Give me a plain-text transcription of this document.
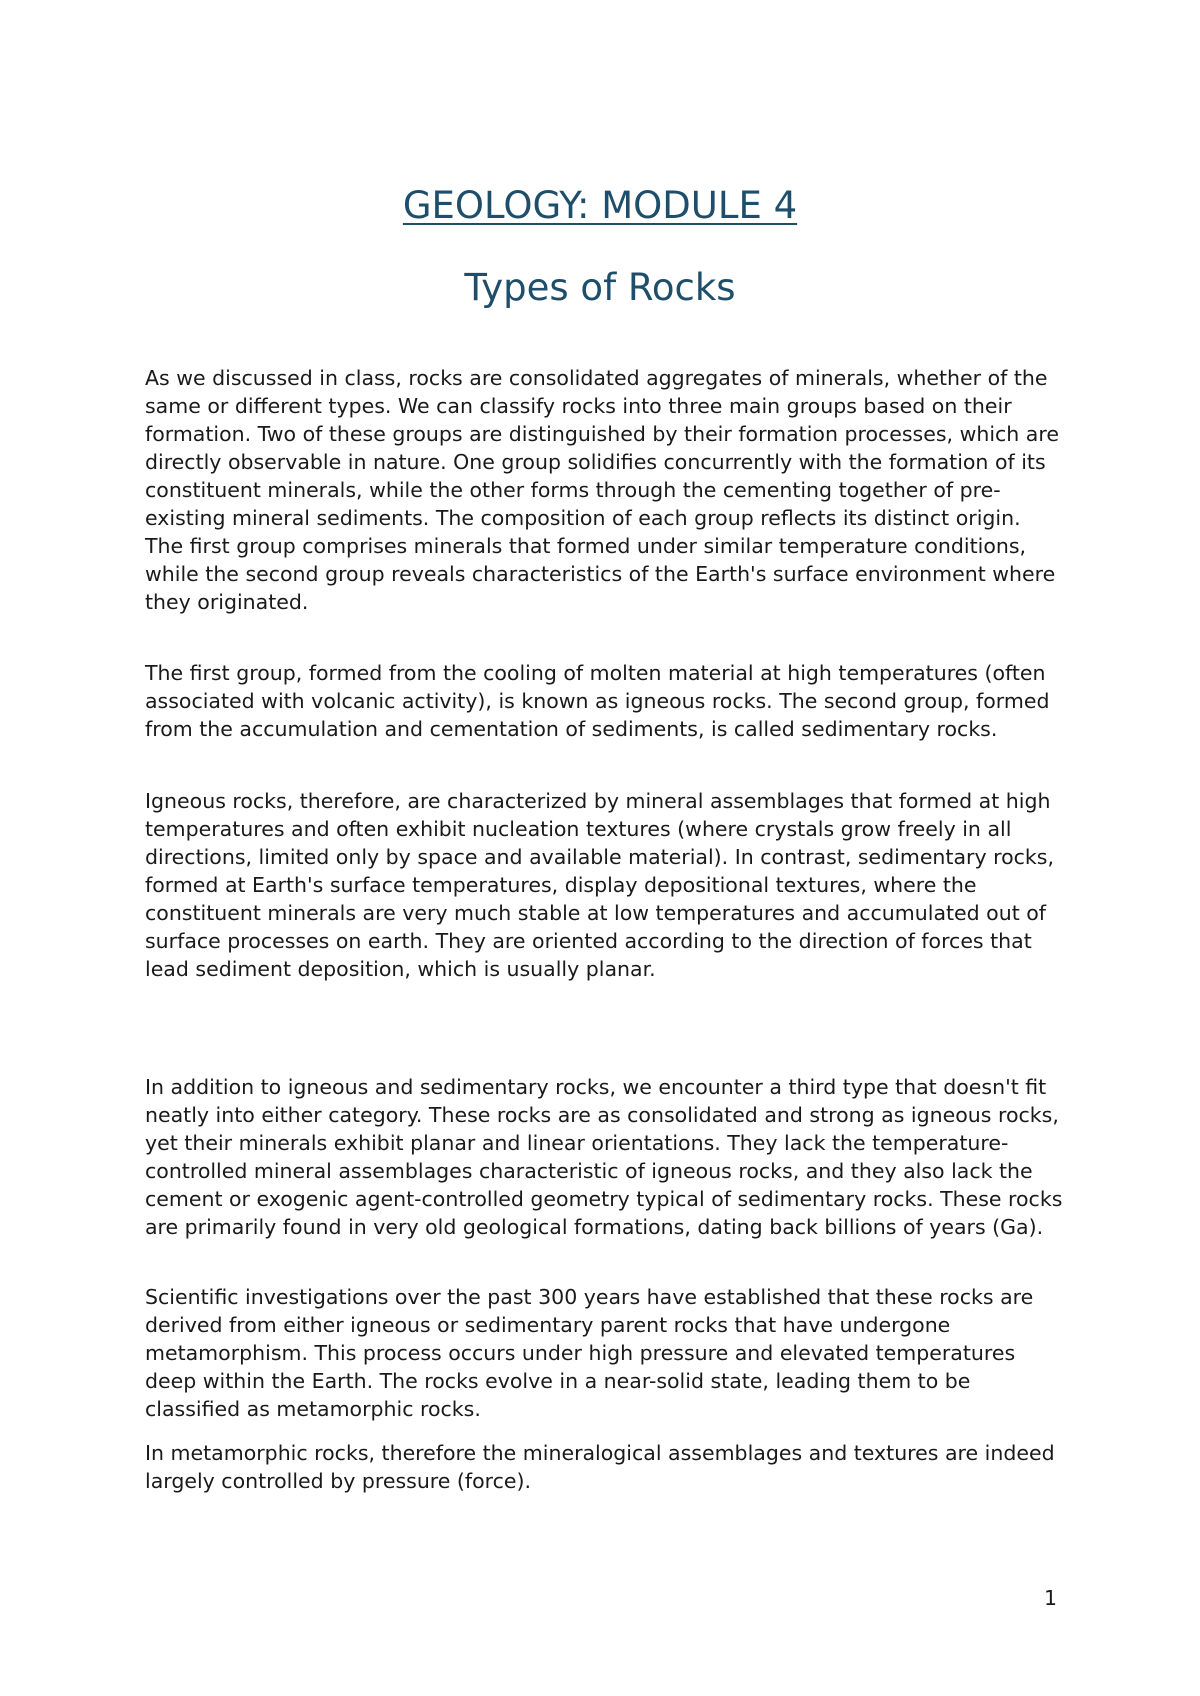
GEOLOGY: MODULE 4
Types of Rocks

As we discussed in class, rocks are consolidated aggregates of minerals, whether of the same or different types. We can classify rocks into three main groups based on their formation. Two of these groups are distinguished by their formation processes, which are directly observable in nature. One group solidifies concurrently with the formation of its constituent minerals, while the other forms through the cementing together of pre-existing mineral sediments. The composition of each group reflects its distinct origin. The first group comprises minerals that formed under similar temperature conditions, while the second group reveals characteristics of the Earth's surface environment where they originated.

The first group, formed from the cooling of molten material at high temperatures (often associated with volcanic activity), is known as igneous rocks. The second group, formed from the accumulation and cementation of sediments, is called sedimentary rocks.

Igneous rocks, therefore, are characterized by mineral assemblages that formed at high temperatures and often exhibit nucleation textures (where crystals grow freely in all directions, limited only by space and available material). In contrast, sedimentary rocks, formed at Earth's surface temperatures, display depositional textures, where the constituent minerals are very much stable at low temperatures and accumulated out of surface processes on earth. They are oriented according to the direction of forces that lead sediment deposition, which is usually planar.

In addition to igneous and sedimentary rocks, we encounter a third type that doesn't fit neatly into either category. These rocks are as consolidated and strong as igneous rocks, yet their minerals exhibit planar and linear orientations. They lack the temperature-controlled mineral assemblages characteristic of igneous rocks, and they also lack the cement or exogenic agent-controlled geometry typical of sedimentary rocks. These rocks are primarily found in very old geological formations, dating back billions of years (Ga).

Scientific investigations over the past 300 years have established that these rocks are derived from either igneous or sedimentary parent rocks that have undergone metamorphism. This process occurs under high pressure and elevated temperatures deep within the Earth. The rocks evolve in a near-solid state, leading them to be classified as metamorphic rocks.

In metamorphic rocks, therefore the mineralogical assemblages and textures are indeed largely controlled by pressure (force).

1
